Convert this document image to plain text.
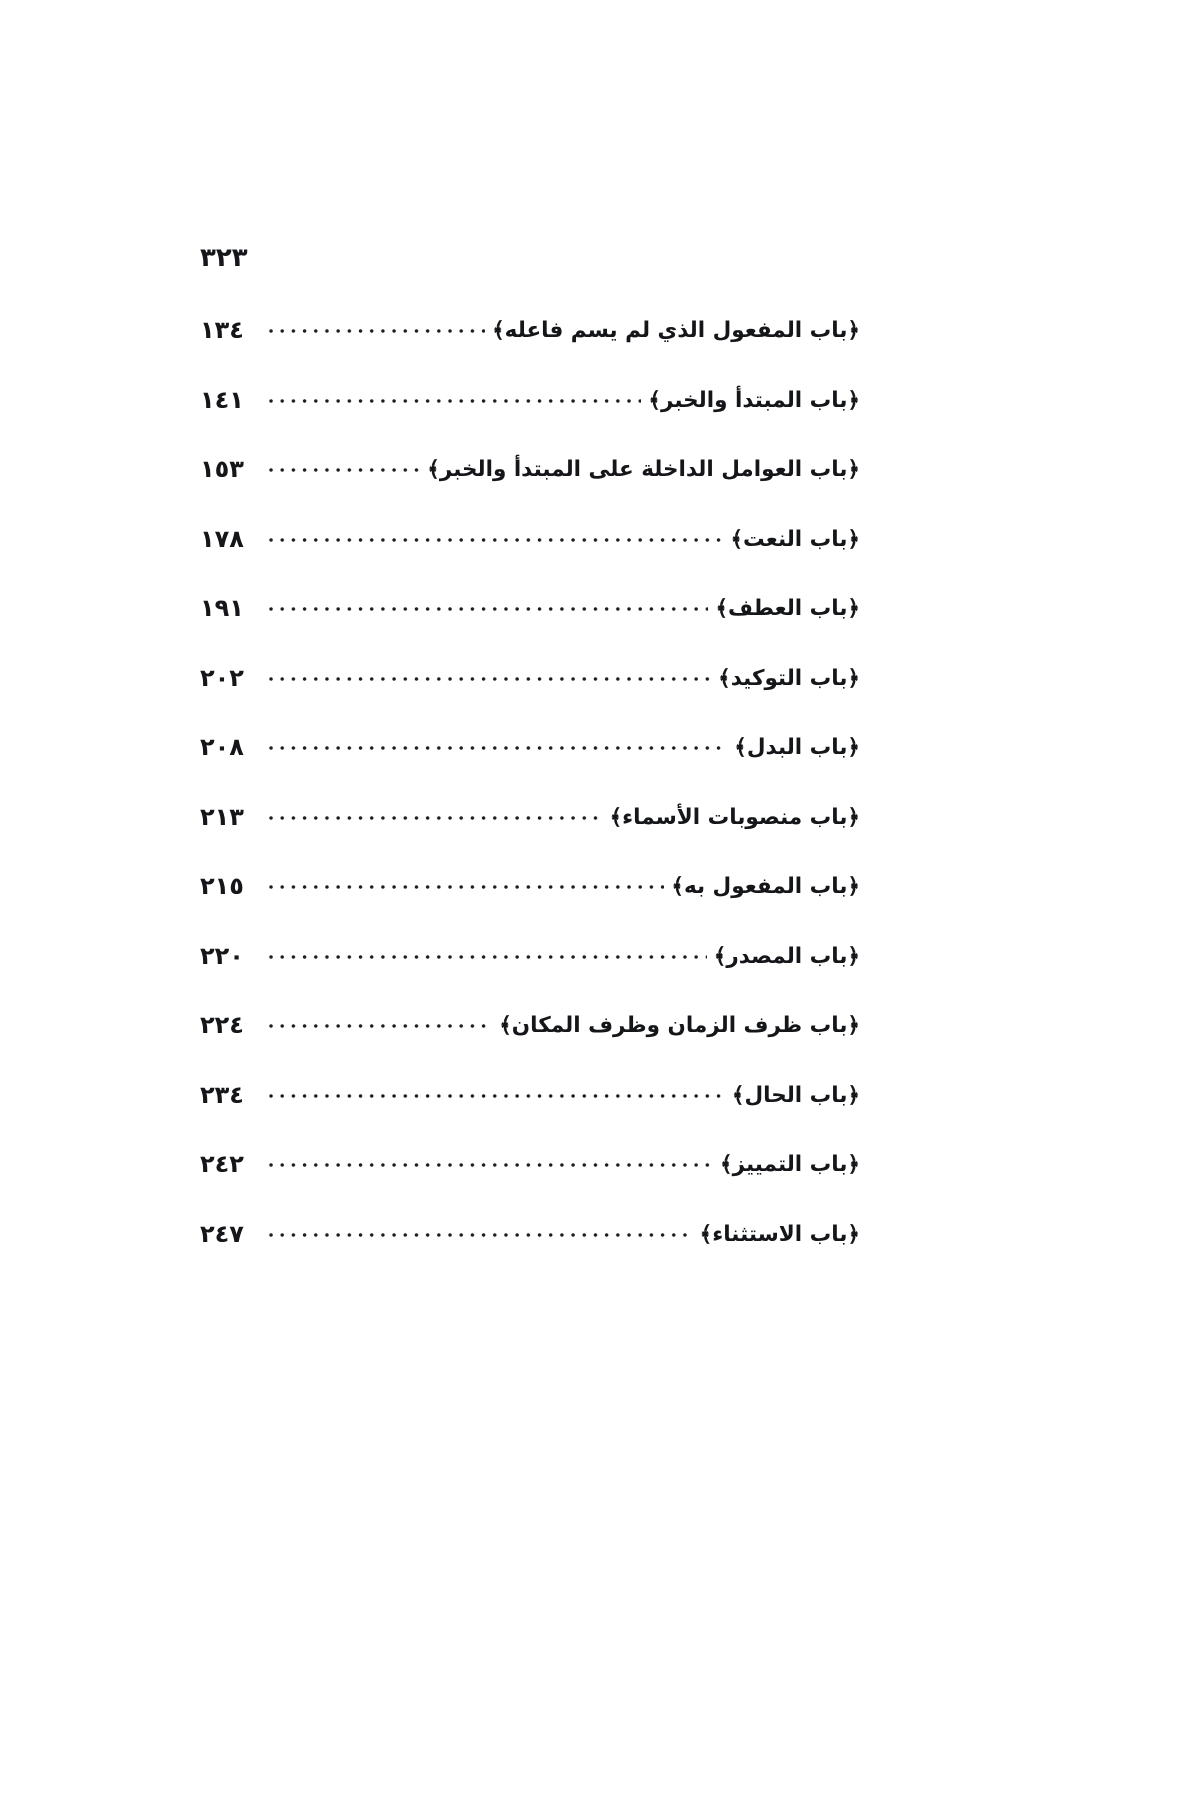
٣٢٣
﴿باب المفعول الذي لم يسم فاعله﴾
١٣٤
﴿باب المبتدأ والخبر﴾
١٤١
﴿باب العوامل الداخلة على المبتدأ والخبر﴾
١٥٣
﴿باب النعت﴾
١٧٨
﴿باب العطف﴾
١٩١
﴿باب التوكيد﴾
٢٠٢
﴿باب البدل﴾
٢٠٨
﴿باب منصوبات الأسماء﴾
٢١٣
﴿باب المفعول به﴾
٢١٥
﴿باب المصدر﴾
٢٢٠
﴿باب ظرف الزمان وظرف المكان﴾
٢٢٤
﴿باب الحال﴾
٢٣٤
﴿باب التمييز﴾
٢٤٢
﴿باب الاستثناء﴾
٢٤٧
